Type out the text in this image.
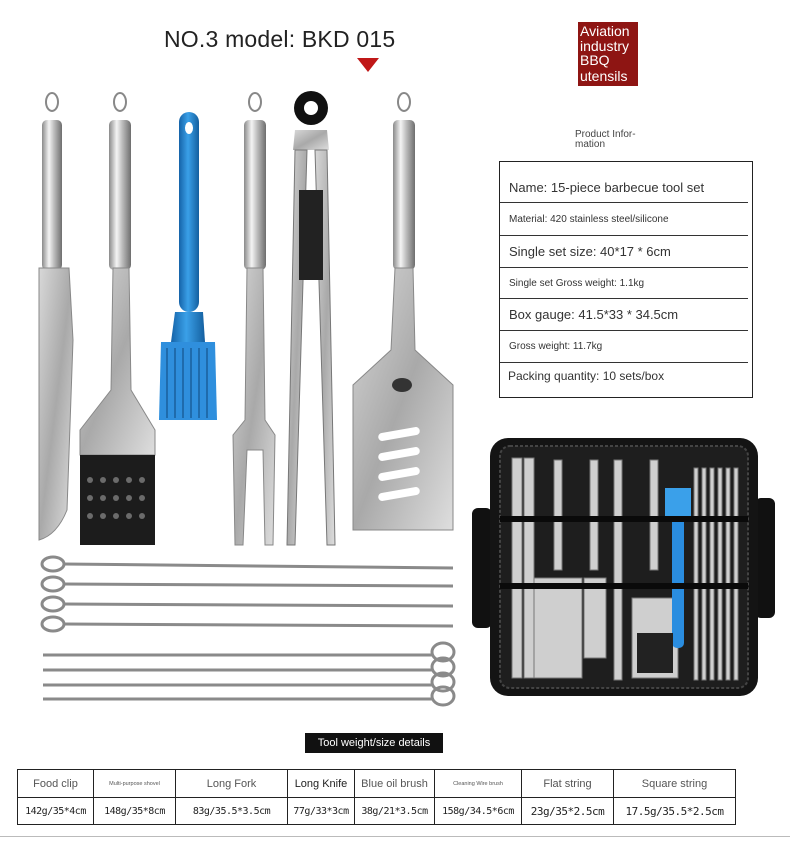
NO.3 model: BKD 015	Aviation
industry
BBQ
utensils
Product Infor-
mation
Name: 15-piece barbecue tool set
Material: 420 stainless steel/silicone
Single set size: 40*17 * 6cm
Single set Gross weight: 1.1kg
Box gauge: 41.5*33 * 34.5cm
Gross weight: 11.7kg
Packing quantity: 10 sets/box
Tool weight/size details
Food clip	Multi-purpose shovel	Long Fork	Long Knife	Blue oil brush	Cleaning Wire brush	Flat string	Square string
142g/35*4cm	148g/35*8cm	83g/35.5*3.5cm	77g/33*3cm	38g/21*3.5cm	158g/34.5*6cm	23g/35*2.5cm	17.5g/35.5*2.5cm
